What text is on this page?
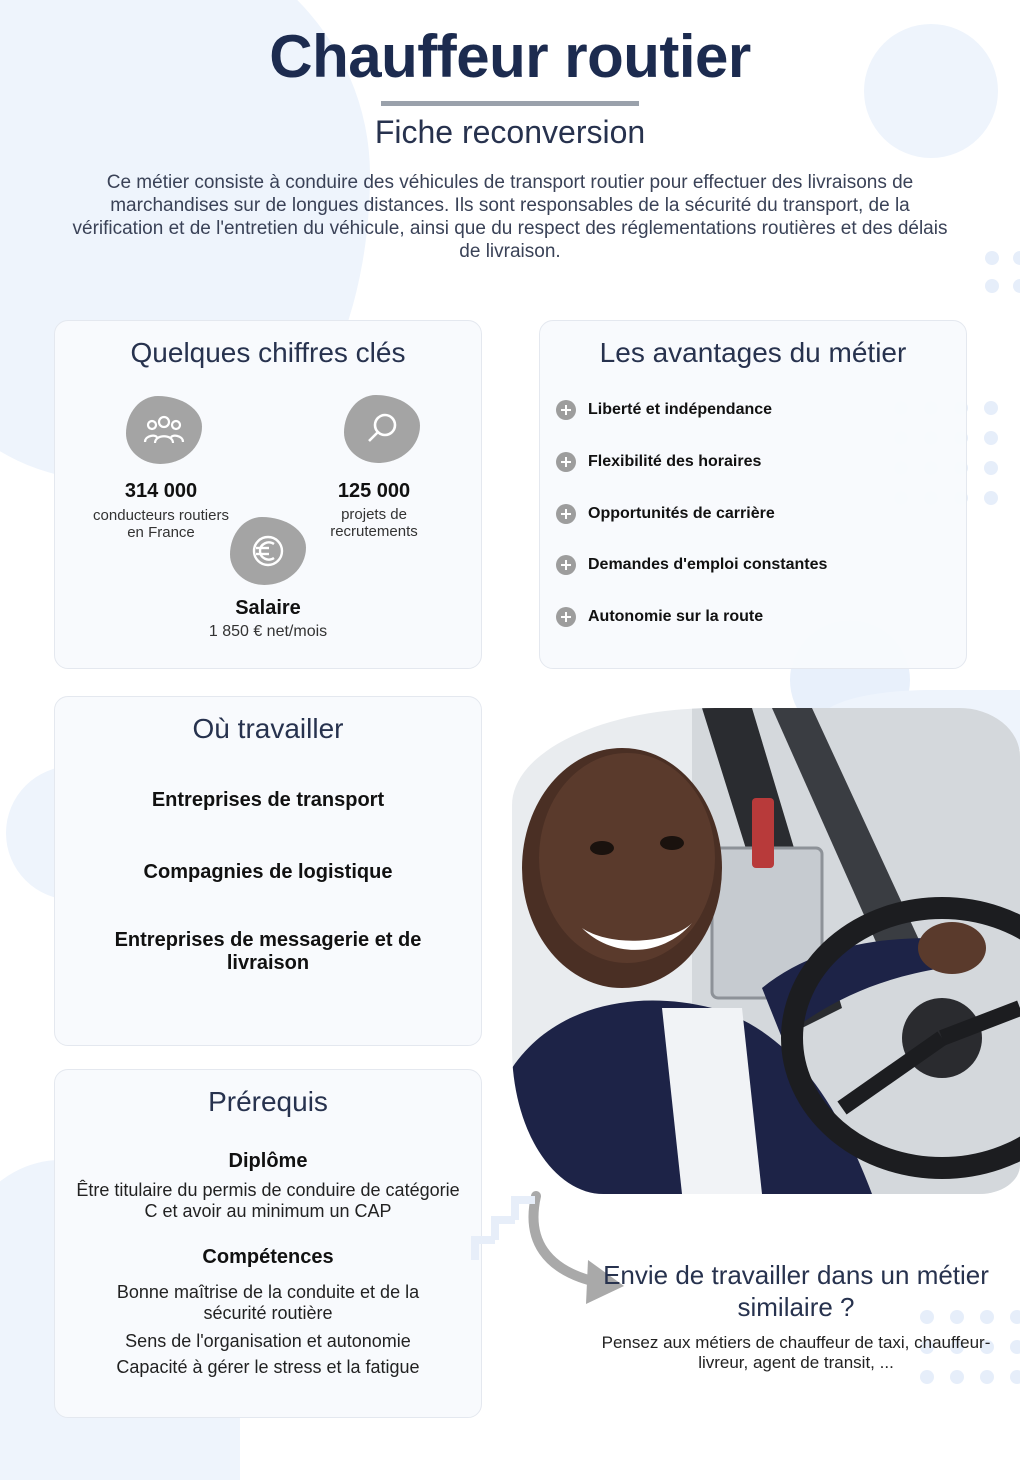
Chauffeur routier
Fiche reconversion
Ce métier consiste à conduire des véhicules de transport routier pour effectuer des livraisons de marchandises sur de longues distances. Ils sont responsables de la sécurité du transport, de la vérification et de l'entretien du véhicule, ainsi que du respect des réglementations routières et des délais de livraison.
Quelques chiffres clés
314 000
conducteurs routiers
en France
125 000
projets de
recrutements
Salaire
1 850 € net/mois
Les avantages du métier
Liberté et indépendance
Flexibilité des horaires
Opportunités de carrière
Demandes d'emploi constantes
Autonomie sur la route
Où travailler
Entreprises de transport
Compagnies de logistique
Entreprises de messagerie et de livraison
Prérequis
Diplôme
Être titulaire du permis de conduire de catégorie C et avoir au minimum un CAP
Compétences
Bonne maîtrise de la conduite et de la sécurité routière
Sens de l'organisation et autonomie
Capacité à gérer le stress et la fatigue
Envie de travailler dans un métier similaire ?
Pensez aux métiers de chauffeur de taxi, chauffeur-livreur, agent de transit, ...
